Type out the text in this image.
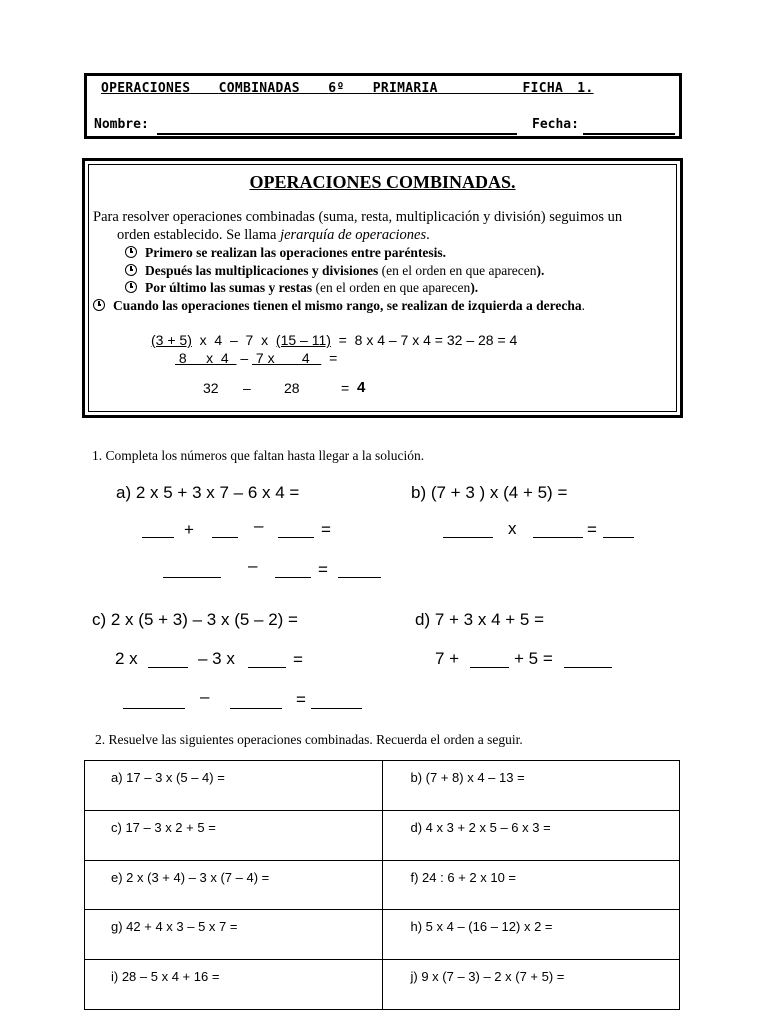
OPERACIONES COMBINADAS 6º PRIMARIA	FICHA 1.
Nombre:	Fecha:
OPERACIONES COMBINADAS.
Para resolver operaciones combinadas (suma, resta, multiplicación y división) seguimos un
orden establecido. Se llama jerarquía de operaciones.
Primero se realizan las operaciones entre paréntesis.
Después las multiplicaciones y divisiones (en el orden en que aparecen).
Por último las sumas y restas (en el orden en que aparecen).
Cuando las operaciones tienen el mismo rango, se realizan de izquierda a derecha.
(3 + 5) x  4  –  7  x  (15 – 11)  =  8 x 4 – 7 x 4 = 32 – 28 = 4
8     x  4   –  7 x       4     =
32 – 28	= 4
1. Completa los números que faltan hasta llegar a la solución.
a) 2 x 5 + 3 x 7 – 6 x 4 =	b) (7 + 3 ) x (4 + 5) =
+	–	=
–	=
x	=
c) 2 x (5 + 3) – 3 x (5 – 2) =	d) 7 + 3 x 4 + 5 =
2 x	– 3 x	=
–	=
7 +	+ 5 =
2. Resuelve las siguientes operaciones combinadas. Recuerda el orden a seguir.
a) 17 – 3 x (5 – 4) =	b) (7 + 8) x 4 – 13 =
c) 17 – 3 x 2 + 5 =	d) 4 x 3 + 2 x 5 – 6 x 3 =
e) 2 x (3 + 4) – 3 x (7 – 4) =	f) 24 : 6 + 2 x 10 =
g) 42 + 4 x 3 – 5 x 7 =	h) 5 x 4 – (16 – 12) x 2 =
i) 28 – 5 x 4 + 16 =	j) 9 x (7 – 3) – 2 x (7 + 5) =
